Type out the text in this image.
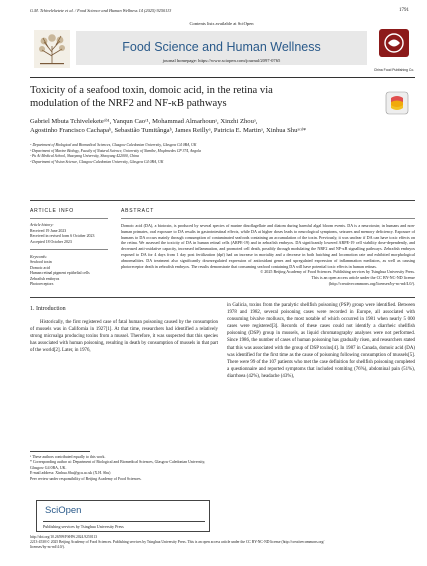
G.M. Tchiveleketete et al. / Food Science and Human Wellness 14 (2025) 9250113	1791
Contents lists available at SciOpen
Food Science and Human Wellness
journal homepage: https://www.sciopen.com/journal/2097-0765
China Food Publishing Co.
Toxicity of a seafood toxin, domoic acid, in the retina via
modulation of the NRF2 and NF-κB pathways
Gabriel Mbuta Tchiveleketeᵃᵇ¹, Yanqun Caoᶜ¹, Mohammad Almarhounᵃ, Xinzhi Zhouᵃ,
Agostinho Francisco Cachapaᵇ, Sebastião Tumitângaᵇ, James Reillyᵃ, Patricia E. Martinᵃ, Xinhua Shuᵃᶜᵈ*
ᵃ Department of Biological and Biomedical Sciences, Glasgow Caledonian University, Glasgow G4 0BA, UK
ᵇ Department of Marine Biology, Faculty of Natural Science, University of Namibe, Moçâmedes CP 374, Angola
ᶜ Pu Ai Medical School, Shaoyang University, Shaoyang 422000, China
ᵈ Department of Vision Science, Glasgow Caledonian University, Glasgow G4 0BA, UK
ARTICLE INFO
Article history:
Received 19 June 2023
Received in revised form 6 October 2023
Accepted 18 October 2023
Keywords:
Seafood toxin
Domoic acid
Human retinal pigment epithelial cells
Zebrafish embryos
Photoreceptors
ABSTRACT
Domoic acid (DA), a biotoxin, is produced by several species of marine dinoflagellate and diatom during harmful algal bloom events. DA is a neurotoxin; in humans and non-human primates, oral exposure to DA results in gastrointestinal effects, while DA at higher doses leads to neurological symptoms, seizures and memory deficiency. Exposure of humans to DA occurs mainly through consumption of contaminated seafoods containing an accumulation of the toxin. Previously, it was unclear if DA can have toxic effects on the retina. We assessed the toxicity of DA in human retinal cells (ARPE-19) and in zebrafish embryos. DA significantly lowered ARPE-19 cell viability dose-dependently, and decreased anti-oxidative capacity, increased inflammation, and promoted cell death, possibly through modulating the NRF2 and NF-κB signalling pathways. Zebrafish embryos exposed to DA for 4 days from 1 day post fertilization (dpf) had an increase in mortality and a decrease in both hatching and locomotion rate and exhibited morphological abnormalities. DA treatment also significantly downregulated expression of antioxidant genes and upregulated expression of inflammation mediators, as well as causing photoreceptor death in zebrafish embryos. The results demonstrate that consuming seafood containing DA will have potential toxic effects in human retinas.
© 2025 Beijing Academy of Food Sciences. Publishing services by Tsinghua University Press.
This is an open access article under the CC BY-NC-ND license
(http://creativecommons.org/licenses/by-nc-nd/4.0/).
1. Introduction

Historically, the first registered case of fatal human poisoning caused by the consumption of mussels was in California in 1927[1]. At that time, researchers had identified a relatively strong microalga producing toxins from a mussel. Therefore, it was suspected that this species has associated with human poisoning, resulting in death by consumption of mussels in that part of the world[2]. Later, in 1976,

in Galicia, toxins from the paralytic shellfish poisoning (PSP) group were identified. Between 1978 and 1982, several poisoning cases were recorded in Europe, all associated with consuming bivalve molluscs, the most notable of which occurred in 1981 when nearly 5 000 cases were registered[3]. Records of these cases could not identify a diarrheic shellfish poisoning (DSP) group in mussels, as liquid chromatography analyses were not performed. Since 1986, the number of cases of human poisoning has gradually risen, and researchers stated that this was associated with the group of DSP toxins[4]. In 1987 in Canada, domoic acid (DA) was identified for the first time as the cause of poisoning following consumption of mussels[5]. There were 99 of the 107 patients who met the case definition for shellfish poisoning completed a questionnaire and reported symptoms that included vomiting (76%), abdominal pain (51%), diarrhoea (42%), headache (43%),

¹ These authors contributed equally to this work.
* Corresponding author at: Department of Biological and Biomedical Sciences, Glasgow Caledonian University, Glasgow G4 0BA, UK.
E-mail address: Xinhua.Shu@gcu.ac.uk (X.H. Shu)
Peer review under responsibility of Beijing Academy of Food Sciences.
SciOpen
Publishing services by Tsinghua University Press
http://doi.org/10.26599/FSHW.2024.9250113
2213-4530/© 2025 Beijing Academy of Food Sciences. Publishing services by Tsinghua University Press. This is an open access article under the CC BY-NC-ND license (http://creativecommons.org/
licenses/by-nc-nd/4.0/).
